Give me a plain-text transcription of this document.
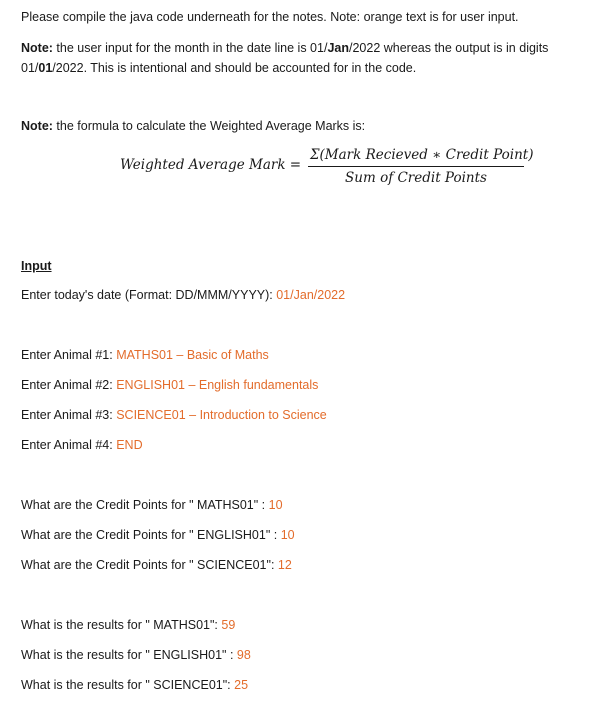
Please compile the java code underneath for the notes. Note: orange text is for user input.
Note: the user input for the month in the date line is 01/Jan/2022 whereas the output is in digits 01/01/2022. This is intentional and should be accounted for in the code.
Note: the formula to calculate the Weighted Average Marks is:
Weighted Average Mark =
Σ(Mark Recieved ∗ Credit Point)
Sum of Credit Points
Input
Enter today's date (Format: DD/MMM/YYYY): 01/Jan/2022
Enter Animal #1: MATHS01 – Basic of Maths
Enter Animal #2: ENGLISH01 – English fundamentals
Enter Animal #3: SCIENCE01 – Introduction to Science
Enter Animal #4: END
What are the Credit Points for " MATHS01" : 10
What are the Credit Points for " ENGLISH01" : 10
What are the Credit Points for " SCIENCE01": 12
What is the results for " MATHS01": 59
What is the results for " ENGLISH01" : 98
What is the results for " SCIENCE01": 25
